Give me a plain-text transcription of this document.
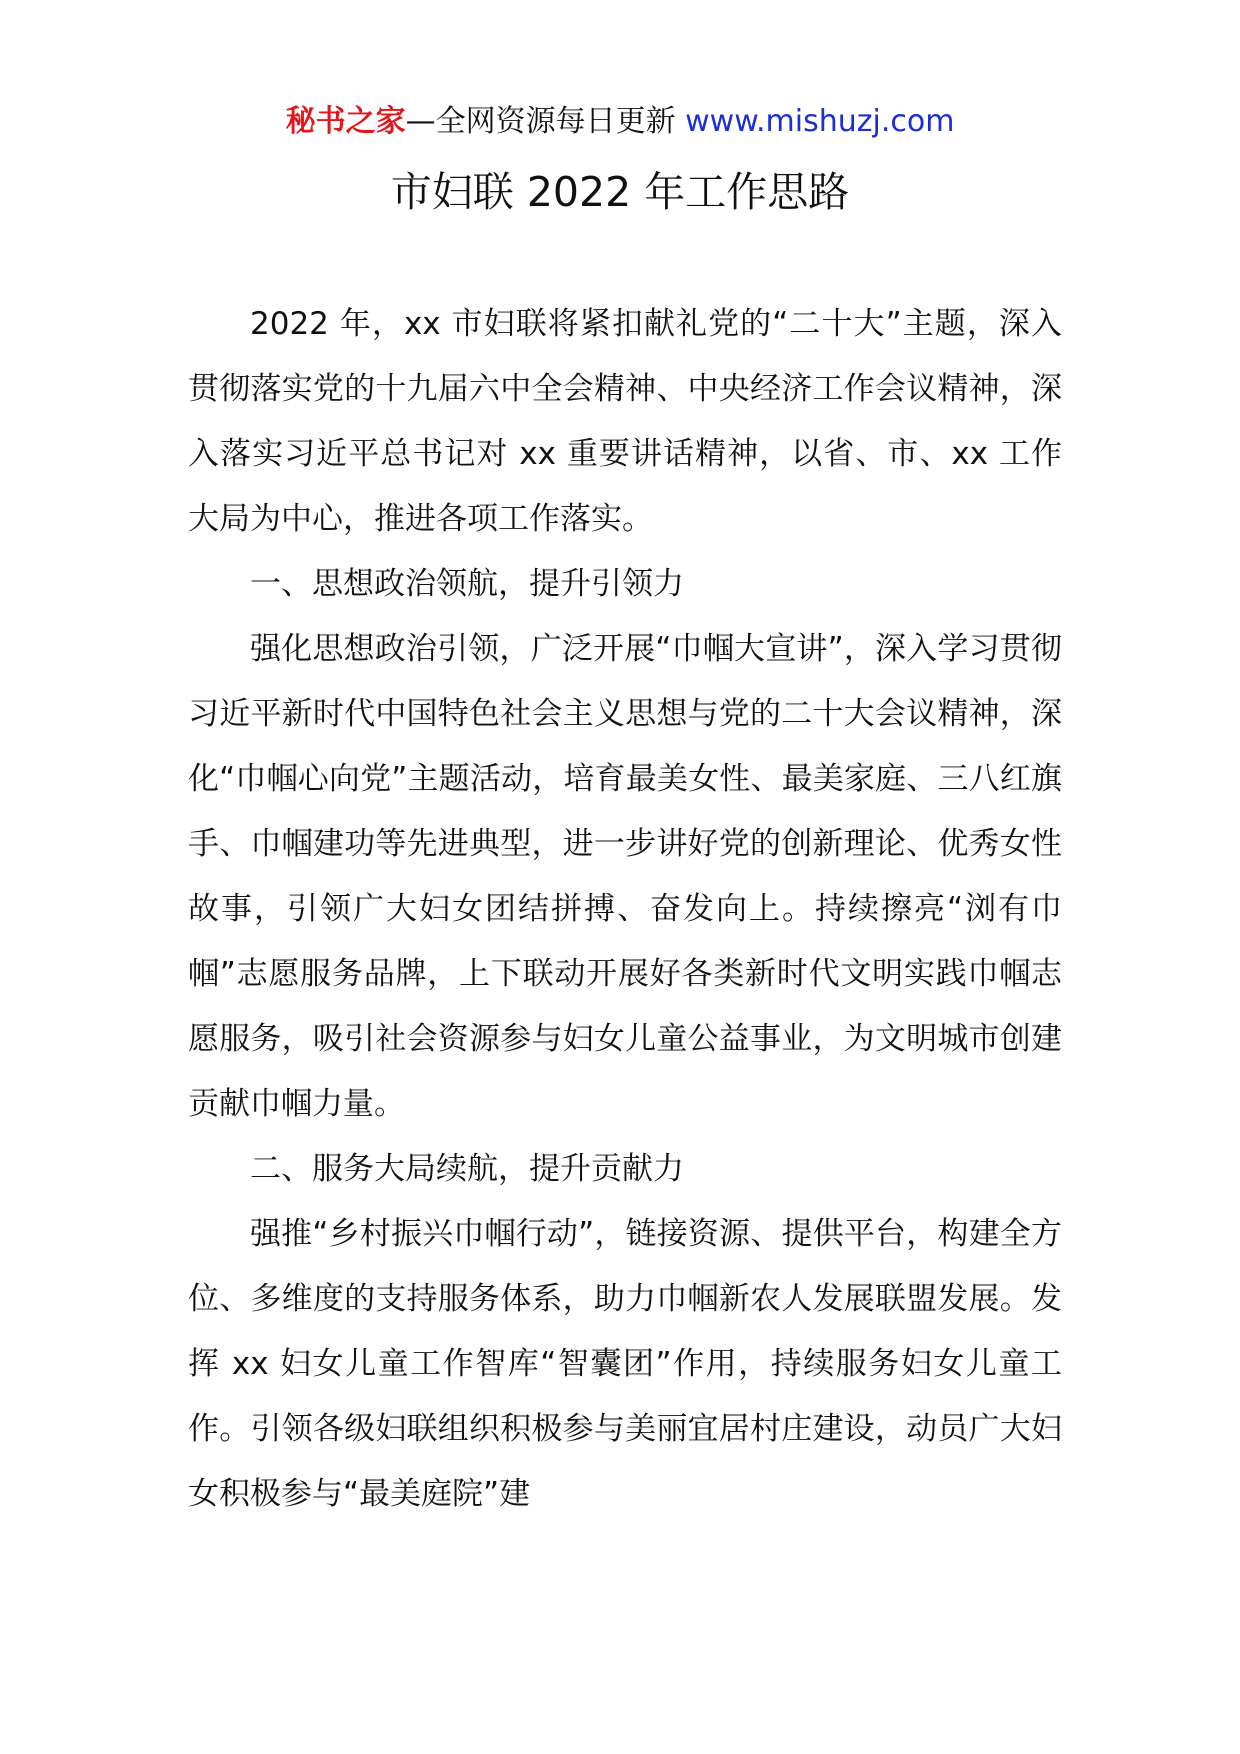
秘书之家—全网资源每日更新 www.mishuzj.com
市妇联 2022 年工作思路

2022 年，xx 市妇联将紧扣献礼党的“二十大”主题，深入贯彻落实党的十九届六中全会精神、中央经济工作会议精神，深入落实习近平总书记对 xx 重要讲话精神，以省、市、xx 工作大局为中心，推进各项工作落实。

一、思想政治领航，提升引领力

强化思想政治引领，广泛开展“巾帼大宣讲”，深入学习贯彻习近平新时代中国特色社会主义思想与党的二十大会议精神，深化“巾帼心向党”主题活动，培育最美女性、最美家庭、三八红旗手、巾帼建功等先进典型，进一步讲好党的创新理论、优秀女性故事，引领广大妇女团结拼搏、奋发向上。持续擦亮“浏有巾帼”志愿服务品牌，上下联动开展好各类新时代文明实践巾帼志愿服务，吸引社会资源参与妇女儿童公益事业，为文明城市创建贡献巾帼力量。

二、服务大局续航，提升贡献力

强推“乡村振兴巾帼行动”，链接资源、提供平台，构建全方位、多维度的支持服务体系，助力巾帼新农人发展联盟发展。发挥 xx 妇女儿童工作智库“智囊团”作用，持续服务妇女儿童工作。引领各级妇联组织积极参与美丽宜居村庄建设，动员广大妇女积极参与“最美庭院”建
